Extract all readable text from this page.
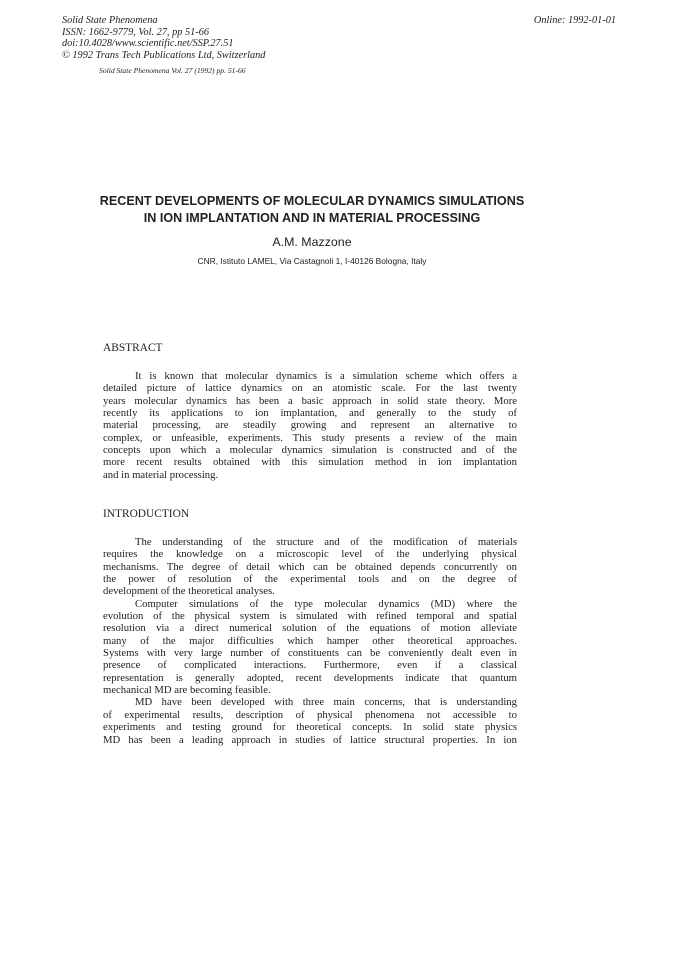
Solid State Phenomena
ISSN: 1662-9779, Vol. 27, pp 51-66
doi:10.4028/www.scientific.net/SSP.27.51
© 1992 Trans Tech Publications Ltd, Switzerland
Online: 1992-01-01
Solid State Phenomena Vol. 27 (1992) pp. 51-66
RECENT DEVELOPMENTS OF MOLECULAR DYNAMICS SIMULATIONS
IN ION IMPLANTATION AND IN MATERIAL PROCESSING
A.M. Mazzone
CNR, Istituto LAMEL, Via Castagnoli 1, I-40126 Bologna, Italy
ABSTRACT
It is known that molecular dynamics is a simulation scheme which offers a
detailed picture of lattice dynamics on an atomistic scale. For the last twenty
years molecular dynamics has been a basic approach in solid state theory. More
recently its applications to ion implantation, and generally to the study of
material processing, are steadily growing and represent an alternative to
complex, or unfeasible, experiments. This study presents a review of the main
concepts upon which a molecular dynamics simulation is constructed and of the
more recent results obtained with this simulation method in ion implantation
and in material processing.
INTRODUCTION
The understanding of the structure and of the modification of materials
requires the knowledge on a microscopic level of the underlying physical
mechanisms. The degree of detail which can be obtained depends concurrently on
the power of resolution of the experimental tools and on the degree of
development of the theoretical analyses.
Computer simulations of the type molecular dynamics (MD) where the
evolution of the physical system is simulated with refined temporal and spatial
resolution via a direct numerical solution of the equations of motion alleviate
many of the major difficulties which hamper other theoretical approaches.
Systems with very large number of constituents can be conveniently dealt even in
presence of complicated interactions. Furthermore, even if a classical
representation is generally adopted, recent developments indicate that quantum
mechanical MD are becoming feasible.
MD have been developed with three main concerns, that is understanding
of experimental results, description of physical phenomena not accessible to
experiments and testing ground for theoretical concepts. In solid state physics
MD has been a leading approach in studies of lattice structural properties. In ion
